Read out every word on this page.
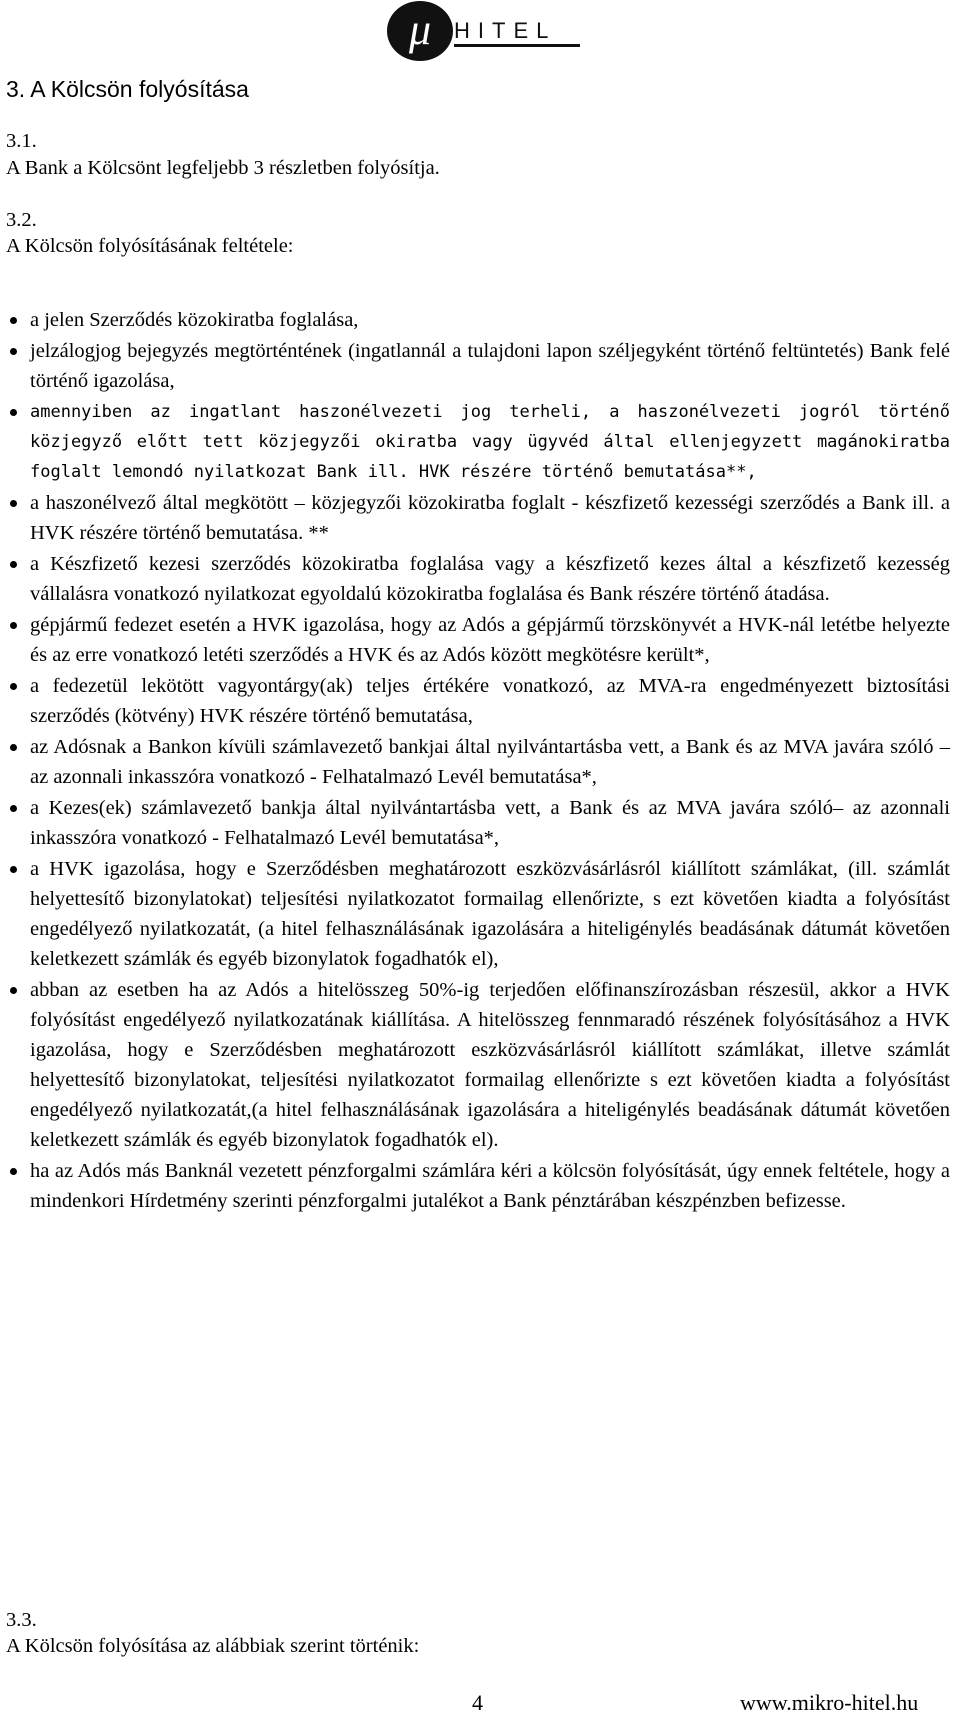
μ HITEL
3. A Kölcsön folyósítása
3.1.
A Bank a Kölcsönt legfeljebb 3 részletben folyósítja.
3.2.
A Kölcsön folyósításának feltétele:
a jelen Szerződés közokiratba foglalása,
jelzálogjog bejegyzés megtörténtének (ingatlannál a tulajdoni lapon széljegyként történő feltüntetés) Bank felé történő igazolása,
amennyiben az ingatlant haszonélvezeti jog terheli, a haszonélvezeti jogról történő közjegyző előtt tett közjegyzői okiratba vagy ügyvéd által ellenjegyzett magánokiratba foglalt lemondó nyilatkozat Bank ill. HVK részére történő bemutatása**,
a haszonélvező által megkötött – közjegyzői közokiratba foglalt - készfizető kezességi szerződés a Bank ill. a HVK részére történő bemutatása. **
a Készfizető kezesi szerződés közokiratba foglalása vagy a készfizető kezes által a készfizető kezesség vállalásra vonatkozó nyilatkozat egyoldalú közokiratba foglalása és Bank részére történő átadása.
gépjármű fedezet esetén a HVK igazolása, hogy az Adós a gépjármű törzskönyvét a HVK-nál letétbe helyezte és az erre vonatkozó letéti szerződés a HVK és az Adós között megkötésre került*,
a fedezetül lekötött vagyontárgy(ak) teljes értékére vonatkozó, az MVA-ra engedményezett biztosítási szerződés (kötvény) HVK részére történő bemutatása,
az Adósnak a Bankon kívüli számlavezető bankjai által nyilvántartásba vett, a Bank és az MVA javára szóló – az azonnali inkasszóra vonatkozó - Felhatalmazó Levél bemutatása*,
a Kezes(ek) számlavezető bankja által nyilvántartásba vett, a Bank és az MVA javára szóló– az azonnali inkasszóra vonatkozó - Felhatalmazó Levél bemutatása*,
a HVK igazolása, hogy e Szerződésben meghatározott eszközvásárlásról kiállított számlákat, (ill. számlát helyettesítő bizonylatokat) teljesítési nyilatkozatot formailag ellenőrizte, s ezt követően kiadta a folyósítást engedélyező nyilatkozatát, (a hitel felhasználásának igazolására a hiteligénylés beadásának dátumát követően keletkezett számlák és egyéb bizonylatok fogadhatók el),
abban az esetben ha az Adós a hitelösszeg 50%-ig terjedően előfinanszírozásban részesül, akkor a HVK folyósítást engedélyező nyilatkozatának kiállítása. A hitelösszeg fennmaradó részének folyósításához a HVK igazolása, hogy e Szerződésben meghatározott eszközvásárlásról kiállított számlákat, illetve számlát helyettesítő bizonylatokat, teljesítési nyilatkozatot formailag ellenőrizte s ezt követően kiadta a folyósítást engedélyező nyilatkozatát,(a hitel felhasználásának igazolására a hiteligénylés beadásának dátumát követően keletkezett számlák és egyéb bizonylatok fogadhatók el).
ha az Adós más Banknál vezetett pénzforgalmi számlára kéri a kölcsön folyósítását, úgy ennek feltétele, hogy a mindenkori Hírdetmény szerinti pénzforgalmi jutalékot a Bank pénztárában készpénzben befizesse.
3.3.
A Kölcsön folyósítása az alábbiak szerint történik:
4	www.mikro-hitel.hu
